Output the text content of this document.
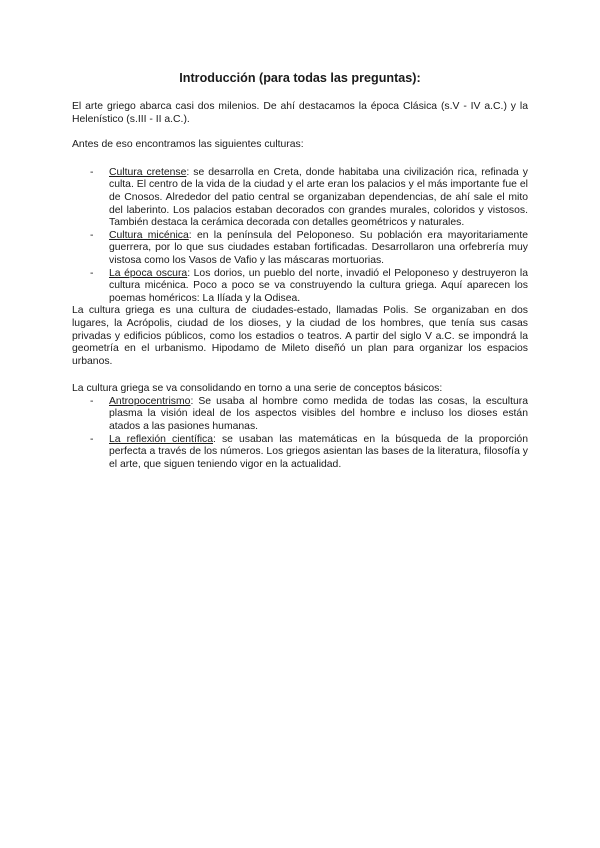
Introducción (para todas las preguntas):

El arte griego abarca casi dos milenios. De ahí destacamos la época Clásica (s.V - IV a.C.) y la Helenístico (s.III - II a.C.).

Antes de eso encontramos las siguientes culturas:

- Cultura cretense: se desarrolla en Creta, donde habitaba una civilización rica, refinada y culta. El centro de la vida de la ciudad y el arte eran los palacios y el más importante fue el de Cnosos. Alrededor del patio central se organizaban dependencias, de ahí sale el mito del laberinto. Los palacios estaban decorados con grandes murales, coloridos y vistosos. También destaca la cerámica decorada con detalles geométricos y naturales.
- Cultura micénica: en la península del Peloponeso. Su población era mayoritariamente guerrera, por lo que sus ciudades estaban fortificadas. Desarrollaron una orfebrería muy vistosa como los Vasos de Vafio y las máscaras mortuorias.
- La época oscura: Los dorios, un pueblo del norte, invadió el Peloponeso y destruyeron la cultura micénica. Poco a poco se va construyendo la cultura griega. Aquí aparecen los poemas homéricos: La Ilíada y la Odisea.

La cultura griega es una cultura de ciudades-estado, llamadas Polis. Se organizaban en dos lugares, la Acrópolis, ciudad de los dioses, y la ciudad de los hombres, que tenía sus casas privadas y edificios públicos, como los estadios o teatros. A partir del siglo V a.C. se impondrá la geometría en el urbanismo. Hipodamo de Mileto diseñó un plan para organizar los espacios urbanos.

La cultura griega se va consolidando en torno a una serie de conceptos básicos:

- Antropocentrismo: Se usaba al hombre como medida de todas las cosas, la escultura plasma la visión ideal de los aspectos visibles del hombre e incluso los dioses están atados a las pasiones humanas.
- La reflexión científica: se usaban las matemáticas en la búsqueda de la proporción perfecta a través de los números. Los griegos asientan las bases de la literatura, filosofía y el arte, que siguen teniendo vigor en la actualidad.
